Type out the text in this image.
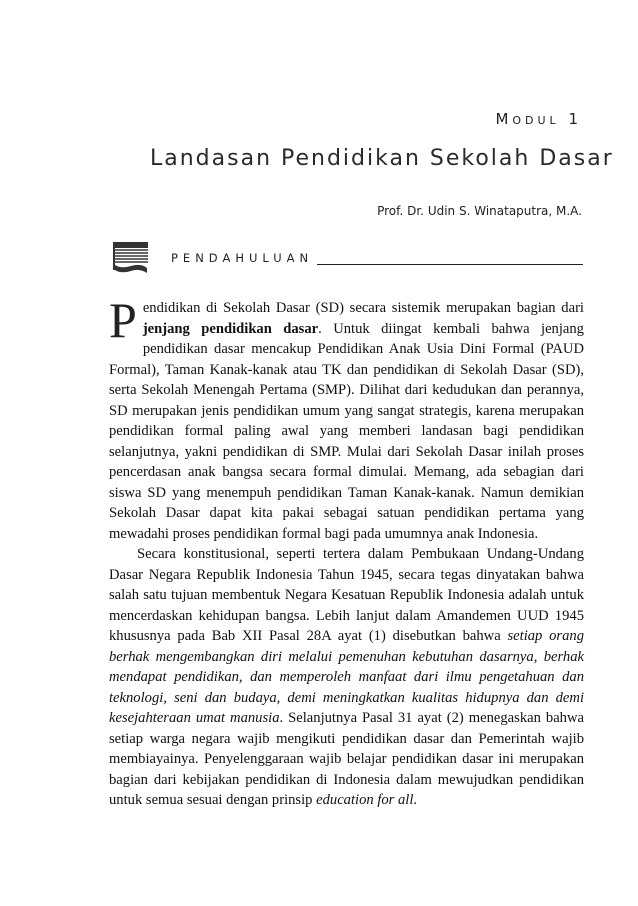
Modul 1
Landasan Pendidikan Sekolah Dasar
Prof. Dr. Udin S. Winataputra, M.A.
PENDAHULUAN

Pendidikan di Sekolah Dasar (SD) secara sistemik merupakan bagian dari jenjang pendidikan dasar. Untuk diingat kembali bahwa jenjang pendidikan dasar mencakup Pendidikan Anak Usia Dini Formal (PAUD Formal), Taman Kanak-kanak atau TK dan pendidikan di Sekolah Dasar (SD), serta Sekolah Menengah Pertama (SMP). Dilihat dari kedudukan dan perannya, SD merupakan jenis pendidikan umum yang sangat strategis, karena merupakan pendidikan formal paling awal yang memberi landasan bagi pendidikan selanjutnya, yakni pendidikan di SMP. Mulai dari Sekolah Dasar inilah proses pencerdasan anak bangsa secara formal dimulai. Memang, ada sebagian dari siswa SD yang menempuh pendidikan Taman Kanak-kanak. Namun demikian Sekolah Dasar dapat kita pakai sebagai satuan pendidikan pertama yang mewadahi proses pendidikan formal bagi pada umumnya anak Indonesia.

Secara konstitusional, seperti tertera dalam Pembukaan Undang-Undang Dasar Negara Republik Indonesia Tahun 1945, secara tegas dinyatakan bahwa salah satu tujuan membentuk Negara Kesatuan Republik Indonesia adalah untuk mencerdaskan kehidupan bangsa. Lebih lanjut dalam Amandemen UUD 1945 khususnya pada Bab XII Pasal 28A ayat (1) disebutkan bahwa setiap orang berhak mengembangkan diri melalui pemenuhan kebutuhan dasarnya, berhak mendapat pendidikan, dan memperoleh manfaat dari ilmu pengetahuan dan teknologi, seni dan budaya, demi meningkatkan kualitas hidupnya dan demi kesejahteraan umat manusia. Selanjutnya Pasal 31 ayat (2) menegaskan bahwa setiap warga negara wajib mengikuti pendidikan dasar dan Pemerintah wajib membiayainya. Penyelenggaraan wajib belajar pendidikan dasar ini merupakan bagian dari kebijakan pendidikan di Indonesia dalam mewujudkan pendidikan untuk semua sesuai dengan prinsip education for all.
